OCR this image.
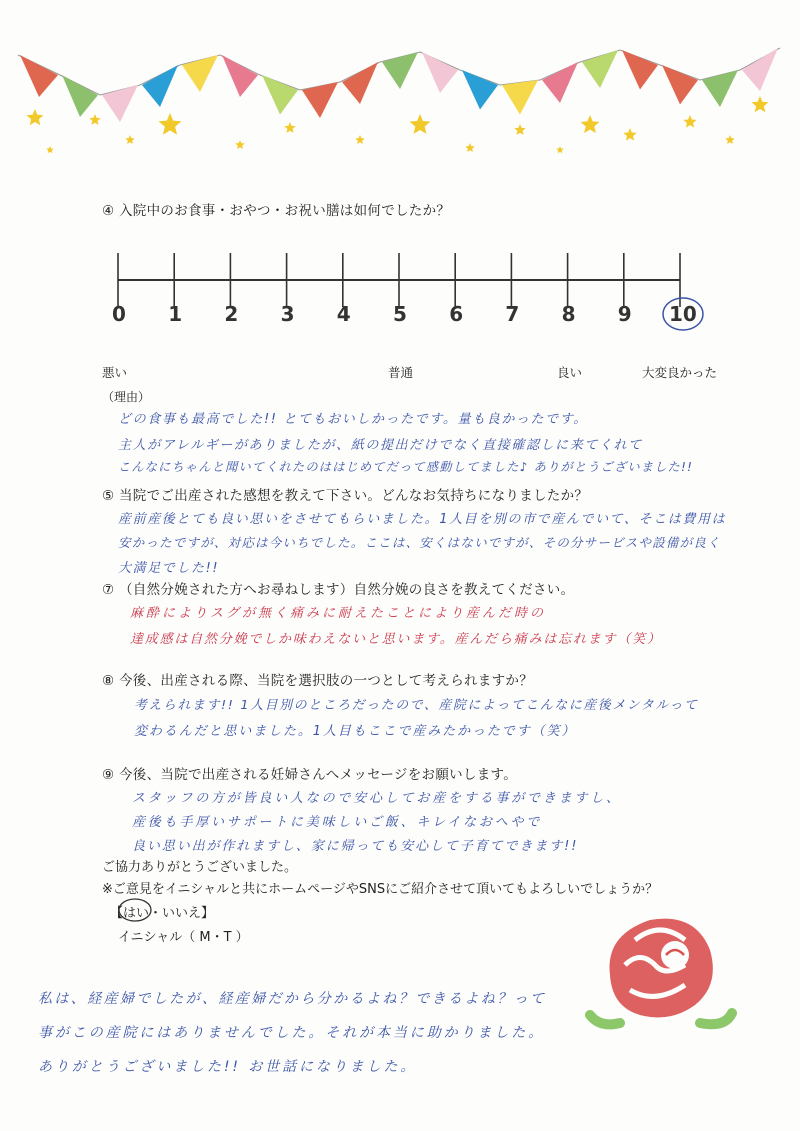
④ 入院中のお食事・おやつ・お祝い膳は如何でしたか？
0 1 2 3 4 5 6 7 8 9 10
悪い	普通	良い	大変良かった
（理由）
どの食事も最高でした!! とてもおいしかったです。量も良かったです。
主人がアレルギーがありましたが、紙の提出だけでなく直接確認しに来てくれて
こんなにちゃんと聞いてくれたのははじめてだって感動してました♪ ありがとうございました!!
⑤ 当院でご出産された感想を教えて下さい。どんなお気持ちになりましたか？
産前産後とても良い思いをさせてもらいました。1人目を別の市で産んでいて、そこは費用は
安かったですが、対応は今いちでした。ここは、安くはないですが、その分サービスや設備が良く
大満足でした!!
⑦ （自然分娩された方へお尋ねします）自然分娩の良さを教えてください。
麻酔によりスグが無く痛みに耐えたことにより産んだ時の
達成感は自然分娩でしか味わえないと思います。産んだら痛みは忘れます（笑）
⑧ 今後、出産される際、当院を選択肢の一つとして考えられますか？
考えられます!! 1人目別のところだったので、産院によってこんなに産後メンタルって
変わるんだと思いました。1人目もここで産みたかったです（笑）
⑨ 今後、当院で出産される妊婦さんへメッセージをお願いします。
スタッフの方が皆良い人なので安心してお産をする事ができますし、
産後も手厚いサポートに美味しいご飯、キレイなおへやで
良い思い出が作れますし、家に帰っても安心して子育てできます!!
ご協力ありがとうございました。
※ご意見をイニシャルと共にホームページやSNSにご紹介させて頂いてもよろしいでしょうか？
【はい・いいえ】
イニシャル（ M・T ）
私は、経産婦でしたが、経産婦だから分かるよね？できるよね？って
事がこの産院にはありませんでした。それが本当に助かりました。
ありがとうございました!! お世話になりました。
